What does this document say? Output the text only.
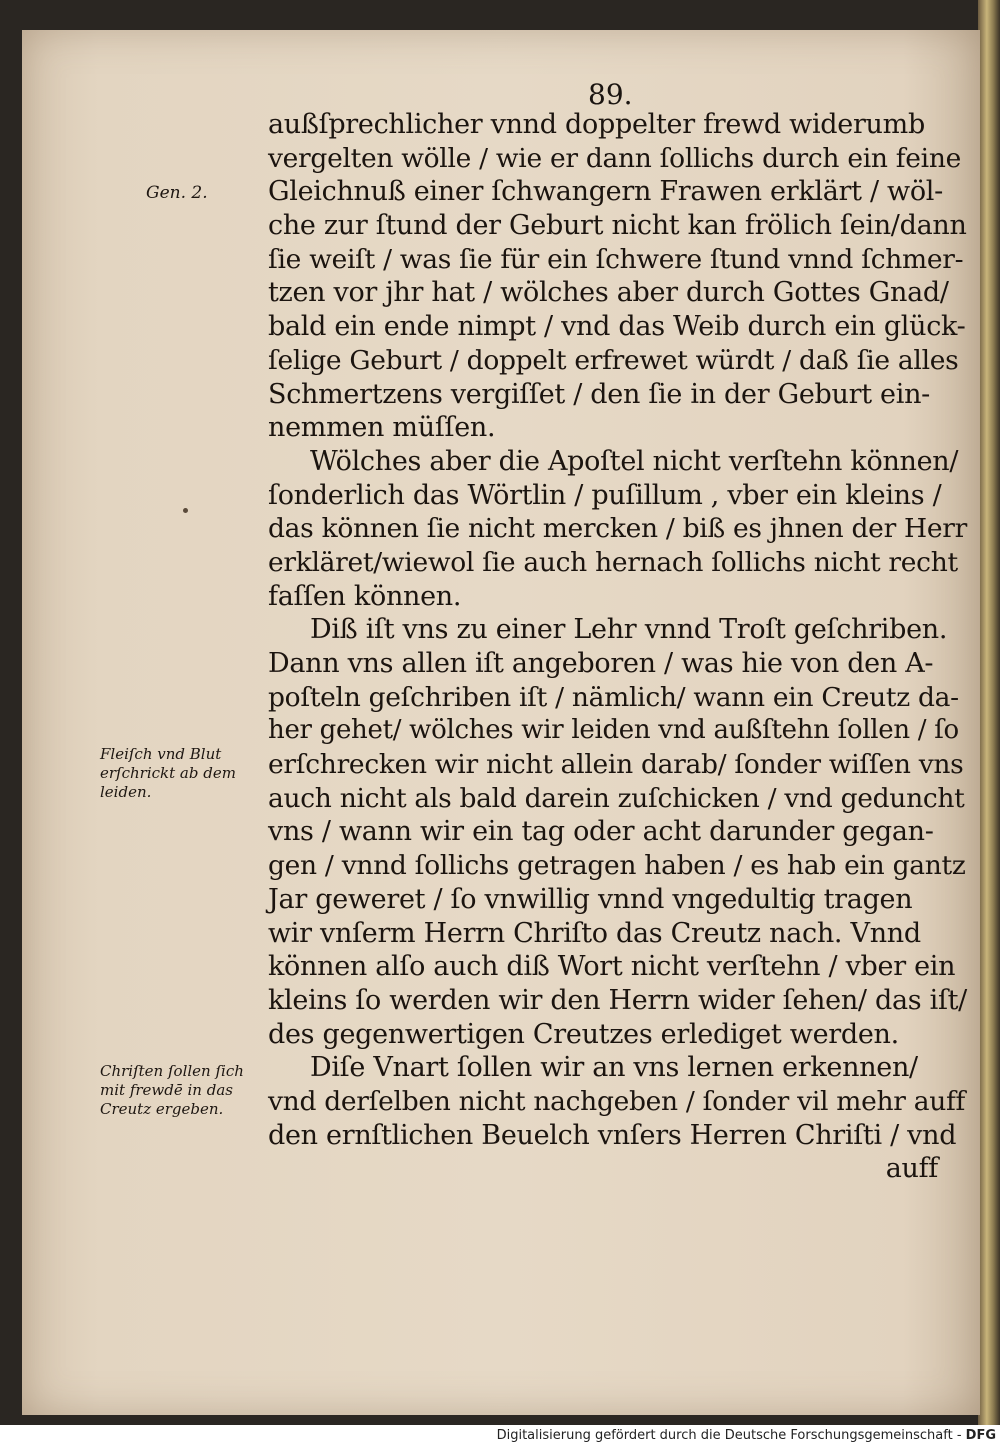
89.
Gen. 2.
Fleiſch vnd Blut
erſchrickt ab dem
leiden.
Chriſten ſollen ſich
mit frewdē in das
Creutz ergeben.
außſprechlicher vnnd doppelter frewd widerumb
vergelten wölle / wie er dann ſollichs durch ein feine
Gleichnuß einer ſchwangern Frawen erklärt / wöl-
che zur ſtund der Geburt nicht kan frölich ſein/dann
ſie weiſt / was ſie für ein ſchwere ſtund vnnd ſchmer-
tzen vor jhr hat / wölches aber durch Gottes Gnad/
bald ein ende nimpt / vnd das Weib durch ein glück-
ſelige Geburt / doppelt erfrewet würdt / daß ſie alles
Schmertzens vergiſſet / den ſie in der Geburt ein-
nemmen müſſen.
Wölches aber die Apoſtel nicht verſtehn können/
ſonderlich das Wörtlin / puſillum , vber ein kleins /
das können ſie nicht mercken / biß es jhnen der Herr
erkläret/wiewol ſie auch hernach ſollichs nicht recht
faſſen können.
Diß iſt vns zu einer Lehr vnnd Troſt geſchriben.
Dann vns allen iſt angeboren / was hie von den A-
poſteln geſchriben iſt / nämlich/ wann ein Creutz da-
her gehet/ wölches wir leiden vnd außſtehn ſollen / ſo
erſchrecken wir nicht allein darab/ ſonder wiſſen vns
auch nicht als bald darein zuſchicken / vnd geduncht
vns / wann wir ein tag oder acht darunder gegan-
gen / vnnd ſollichs getragen haben / es hab ein gantz
Jar geweret / ſo vnwillig vnnd vngedultig tragen
wir vnſerm Herrn Chriſto das Creutz nach. Vnnd
können alſo auch diß Wort nicht verſtehn / vber ein
kleins ſo werden wir den Herrn wider ſehen/ das iſt/
des gegenwertigen Creutzes erlediget werden.
Diſe Vnart ſollen wir an vns lernen erkennen/
vnd derſelben nicht nachgeben / ſonder vil mehr auff
den ernſtlichen Beuelch vnſers Herren Chriſti / vnd
auff
Digitalisierung gefördert durch die Deutsche Forschungsgemeinschaft - DFG
